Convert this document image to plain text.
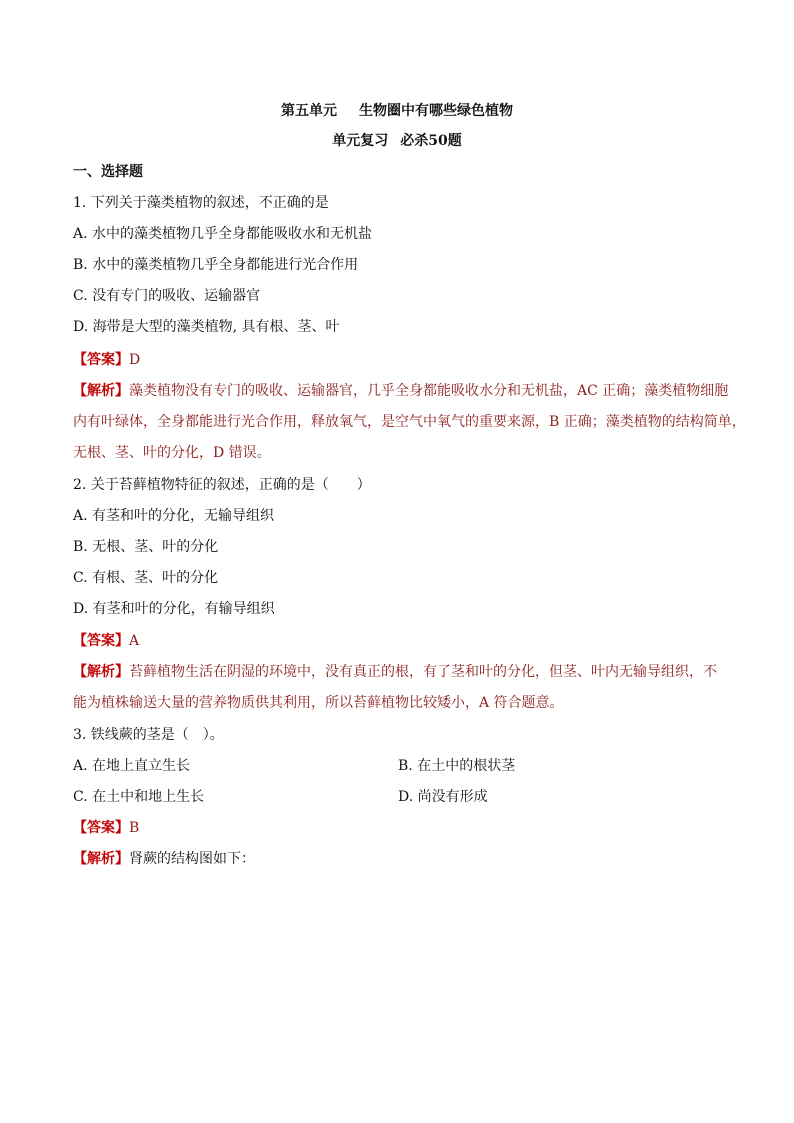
第五单元 生物圈中有哪些绿色植物
单元复习 必杀50题
一、选择题
1. 下列关于藻类植物的叙述，不正确的是
A. 水中的藻类植物几乎全身都能吸收水和无机盐
B. 水中的藻类植物几乎全身都能进行光合作用
C. 没有专门的吸收、运输器官
D. 海带是大型的藻类植物, 具有根、茎、叶
【答案】D
【解析】藻类植物没有专门的吸收、运输器官，几乎全身都能吸收水分和无机盐，AC 正确；藻类植物细胞
内有叶绿体，全身都能进行光合作用，释放氧气，是空气中氧气的重要来源，B 正确；藻类植物的结构简单，
无根、茎、叶的分化，D 错误。
2. 关于苔藓植物特征的叙述，正确的是（　　）
A. 有茎和叶的分化，无输导组织
B. 无根、茎、叶的分化
C. 有根、茎、叶的分化
D. 有茎和叶的分化，有输导组织
【答案】A
【解析】苔藓植物生活在阴湿的环境中，没有真正的根，有了茎和叶的分化，但茎、叶内无输导组织，不
能为植株输送大量的营养物质供其利用，所以苔藓植物比较矮小，A 符合题意。
3. 铁线蕨的茎是（　）。
A. 在地上直立生长	B. 在土中的根状茎
C. 在土中和地上生长	D. 尚没有形成
【答案】B
【解析】肾蕨的结构图如下：
